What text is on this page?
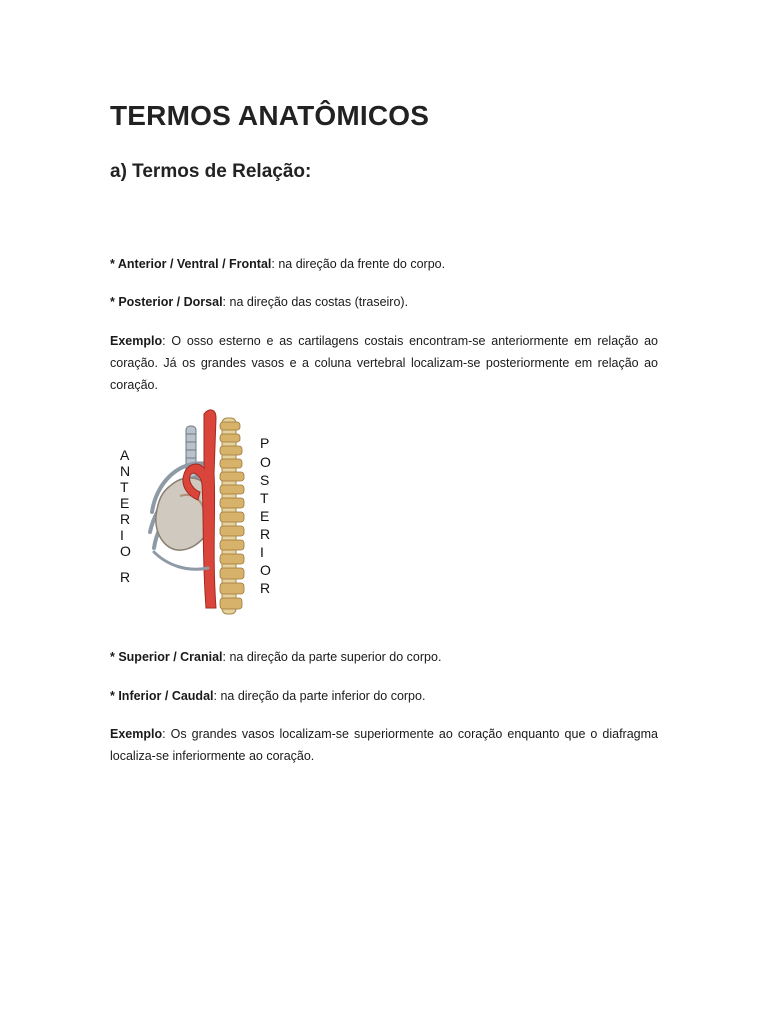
TERMOS ANATÔMICOS
a) Termos de Relação:

* Anterior / Ventral / Frontal: na direção da frente do corpo.

* Posterior / Dorsal: na direção das costas (traseiro).

Exemplo: O osso esterno e as cartilagens costais encontram-se anteriormente em relação ao coração. Já os grandes vasos e a coluna vertebral localizam-se posteriormente em relação ao coração.

A
N
T
E
R
I
O
R
P
O
S
T
E
R
I
O
R

* Superior / Cranial: na direção da parte superior do corpo.

* Inferior / Caudal: na direção da parte inferior do corpo.

Exemplo: Os grandes vasos localizam-se superiormente ao coração enquanto que o diafragma localiza-se inferiormente ao coração.
